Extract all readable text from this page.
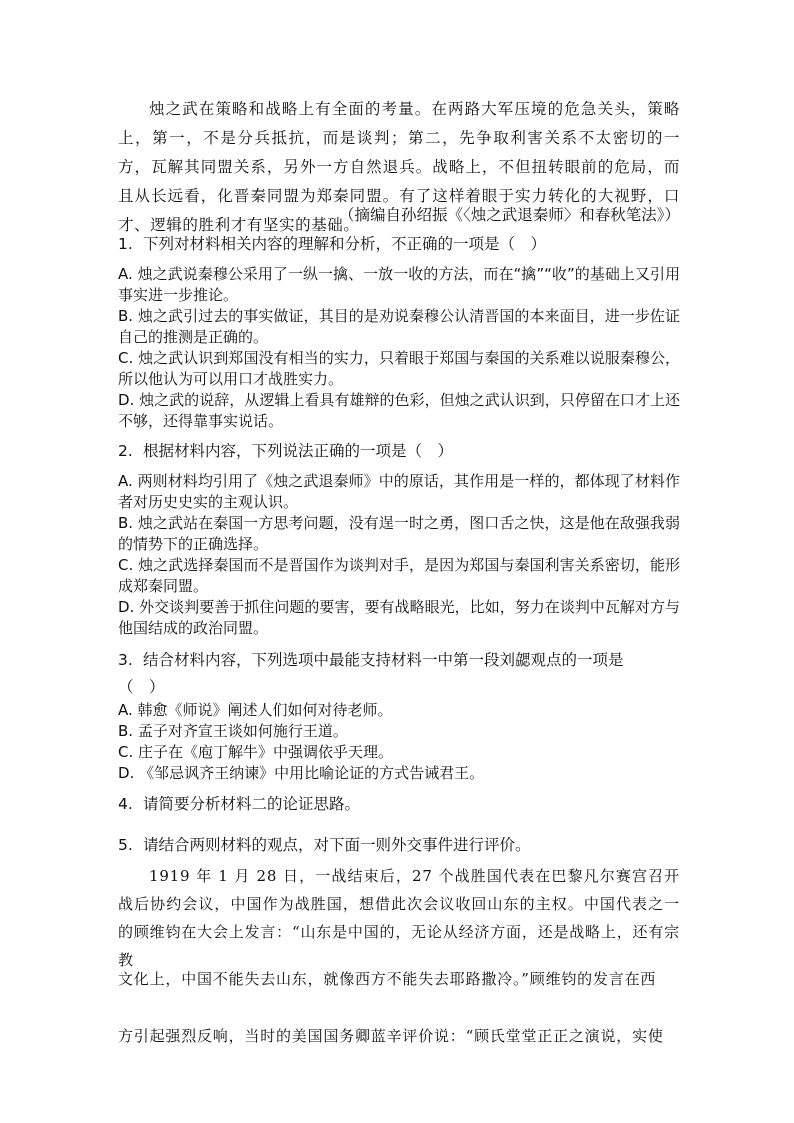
烛之武在策略和战略上有全面的考量。在两路大军压境的危急关头，策略上，第一，不是分兵抵抗，而是谈判；第二，先争取利害关系不太密切的一方，瓦解其同盟关系，另外一方自然退兵。战略上，不但扭转眼前的危局，而且从长远看，化晋秦同盟为郑秦同盟。有了这样着眼于实力转化的大视野，口才、逻辑的胜利才有坚实的基础。

（摘编自孙绍振《〈烛之武退秦师〉和春秋笔法》）

1. 下列对材料相关内容的理解和分析，不正确的一项是（　）

A. 烛之武说秦穆公采用了一纵一擒、一放一收的方法，而在“擒”“收”的基础上又引用事实进一步推论。

B. 烛之武引过去的事实做证，其目的是劝说秦穆公认清晋国的本来面目，进一步佐证自己的推测是正确的。

C. 烛之武认识到郑国没有相当的实力，只着眼于郑国与秦国的关系难以说服秦穆公，所以他认为可以用口才战胜实力。

D. 烛之武的说辞，从逻辑上看具有雄辩的色彩，但烛之武认识到，只停留在口才上还不够，还得靠事实说话。

2. 根据材料内容，下列说法正确的一项是（　）

A. 两则材料均引用了《烛之武退秦师》中的原话，其作用是一样的，都体现了材料作者对历史史实的主观认识。

B. 烛之武站在秦国一方思考问题，没有逞一时之勇，图口舌之快，这是他在敌强我弱的情势下的正确选择。

C. 烛之武选择秦国而不是晋国作为谈判对手，是因为郑国与秦国利害关系密切，能形成郑秦同盟。

D. 外交谈判要善于抓住问题的要害，要有战略眼光，比如，努力在谈判中瓦解对方与他国结成的政治同盟。

3. 结合材料内容，下列选项中最能支持材料一中第一段刘勰观点的一项是

（　）

A. 韩愈《师说》阐述人们如何对待老师。

B. 孟子对齐宣王谈如何施行王道。

C. 庄子在《庖丁解牛》中强调依乎天理。

D. 《邹忌讽齐王纳谏》中用比喻论证的方式告诫君王。

4. 请简要分析材料二的论证思路。

5. 请结合两则材料的观点，对下面一则外交事件进行评价。

1919 年 1 月 28 日，一战结束后，27 个战胜国代表在巴黎凡尔赛宫召开战后协约会议，中国作为战胜国，想借此次会议收回山东的主权。中国代表之一的顾维钧在大会上发言：“山东是中国的，无论从经济方面，还是战略上，还有宗教

文化上，中国不能失去山东，就像西方不能失去耶路撒冷。”顾维钧的发言在西

方引起强烈反响，当时的美国国务卿蓝辛评价说：“顾氏堂堂正正之演说，实使
